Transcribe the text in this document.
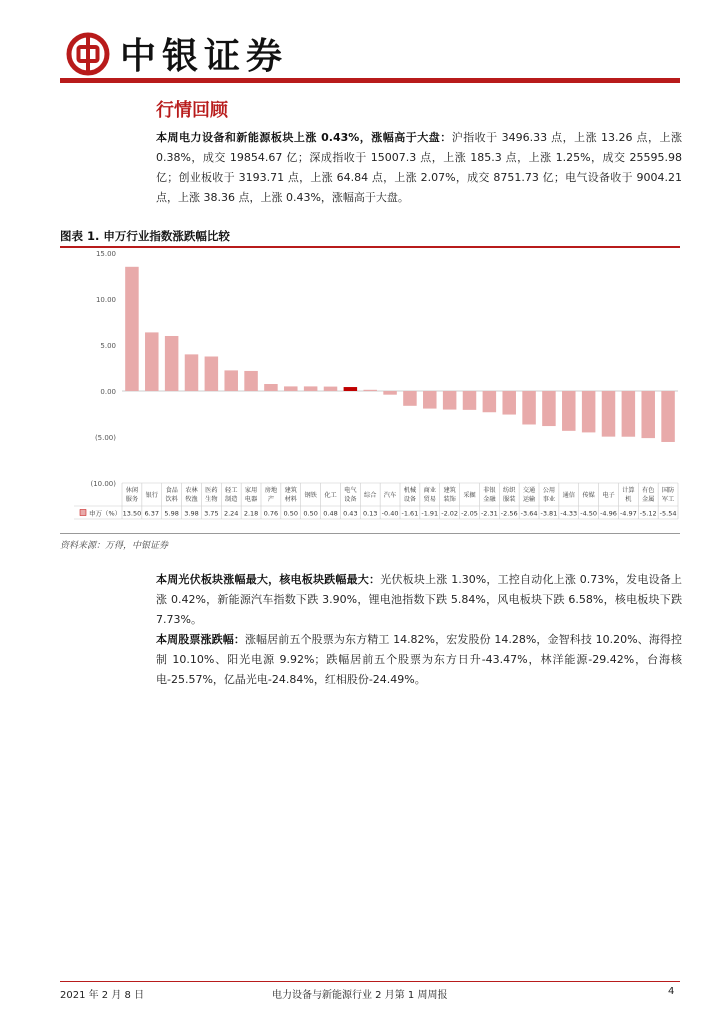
中银证券
行情回顾
本周电力设备和新能源板块上涨 0.43%，涨幅高于大盘：沪指收于 3496.33 点，上涨 13.26 点，上涨 0.38%，成交 19854.67 亿；深成指收于 15007.3 点，上涨 185.3 点，上涨 1.25%，成交 25595.98 亿；创业板收于 3193.71 点，上涨 64.84 点，上涨 2.07%，成交 8751.73 亿；电气设备收于 9004.21 点，上涨 38.36 点，上涨 0.43%，涨幅高于大盘。
图表 1. 申万行业指数涨跌幅比较
15.00
10.00
5.00
0.00
(5.00)
(10.00)
休闲服务
银行
食品饮料
农林牧渔
医药生物
轻工制造
家用电器
房地产
建筑材料
钢铁 化工
电气设备
综合 汽车
机械设备
商业贸易
建筑装饰
采掘
非银金融
纺织服装
交通运输
公用事业
通信 传媒 电子
计算机
有色金属
国防军工
申万（%） 13.50 6.37 5.98 3.98 3.75 2.24 2.18 0.76 0.50 0.50 0.48 0.43 0.13 -0.40 -1.61 -1.91 -2.02 -2.05 -2.31 -2.56 -3.64 -3.81 -4.33 -4.50 -4.96 -4.97 -5.12 -5.54
资料来源：万得，中银证券
本周光伏板块涨幅最大，核电板块跌幅最大：光伏板块上涨 1.30%，工控自动化上涨 0.73%，发电设备上涨 0.42%，新能源汽车指数下跌 3.90%，锂电池指数下跌 5.84%，风电板块下跌 6.58%，核电板块下跌 7.73%。
本周股票涨跌幅：涨幅居前五个股票为东方精工 14.82%，宏发股份 14.28%，金智科技 10.20%、海得控制 10.10%、阳光电源 9.92%；跌幅居前五个股票为东方日升-43.47%，林洋能源-29.42%，台海核电-25.57%，亿晶光电-24.84%，红相股份-24.49%。
2021 年 2 月 8 日	电力设备与新能源行业 2 月第 1 周周报	4
